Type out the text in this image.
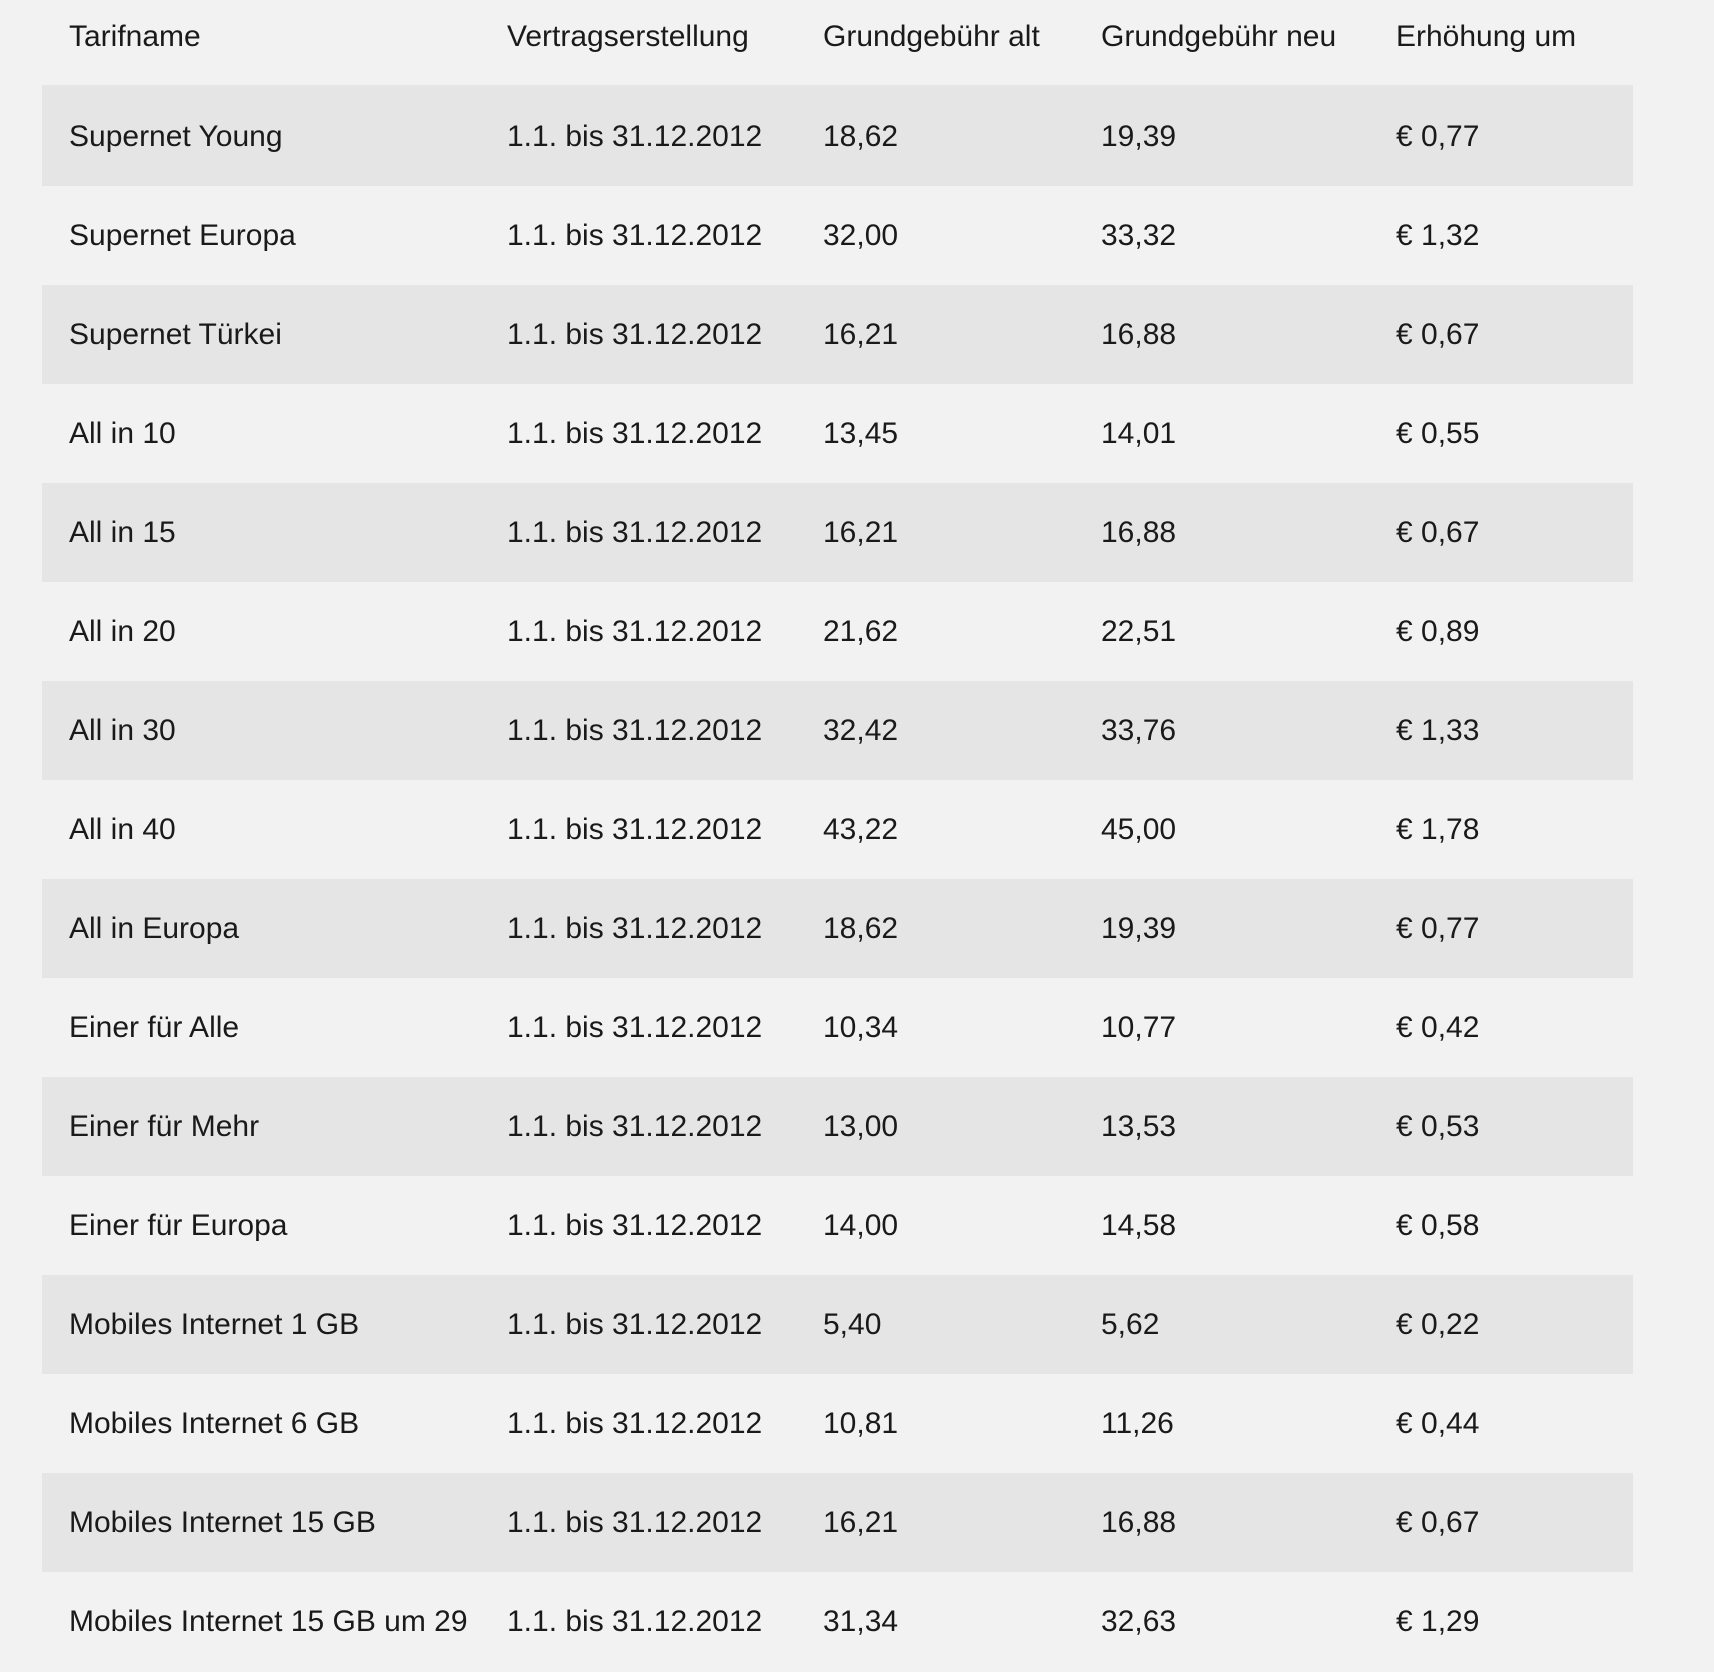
Tarifname	Vertragserstellung	Grundgebühr alt	Grundgebühr neu	Erhöhung um
Supernet Young	1.1. bis 31.12.2012	18,62	19,39	€ 0,77
Supernet Europa	1.1. bis 31.12.2012	32,00	33,32	€ 1,32
Supernet Türkei	1.1. bis 31.12.2012	16,21	16,88	€ 0,67
All in 10	1.1. bis 31.12.2012	13,45	14,01	€ 0,55
All in 15	1.1. bis 31.12.2012	16,21	16,88	€ 0,67
All in 20	1.1. bis 31.12.2012	21,62	22,51	€ 0,89
All in 30	1.1. bis 31.12.2012	32,42	33,76	€ 1,33
All in 40	1.1. bis 31.12.2012	43,22	45,00	€ 1,78
All in Europa	1.1. bis 31.12.2012	18,62	19,39	€ 0,77
Einer für Alle	1.1. bis 31.12.2012	10,34	10,77	€ 0,42
Einer für Mehr	1.1. bis 31.12.2012	13,00	13,53	€ 0,53
Einer für Europa	1.1. bis 31.12.2012	14,00	14,58	€ 0,58
Mobiles Internet 1 GB	1.1. bis 31.12.2012	5,40	5,62	€ 0,22
Mobiles Internet 6 GB	1.1. bis 31.12.2012	10,81	11,26	€ 0,44
Mobiles Internet 15 GB	1.1. bis 31.12.2012	16,21	16,88	€ 0,67
Mobiles Internet 15 GB um 29	1.1. bis 31.12.2012	31,34	32,63	€ 1,29
